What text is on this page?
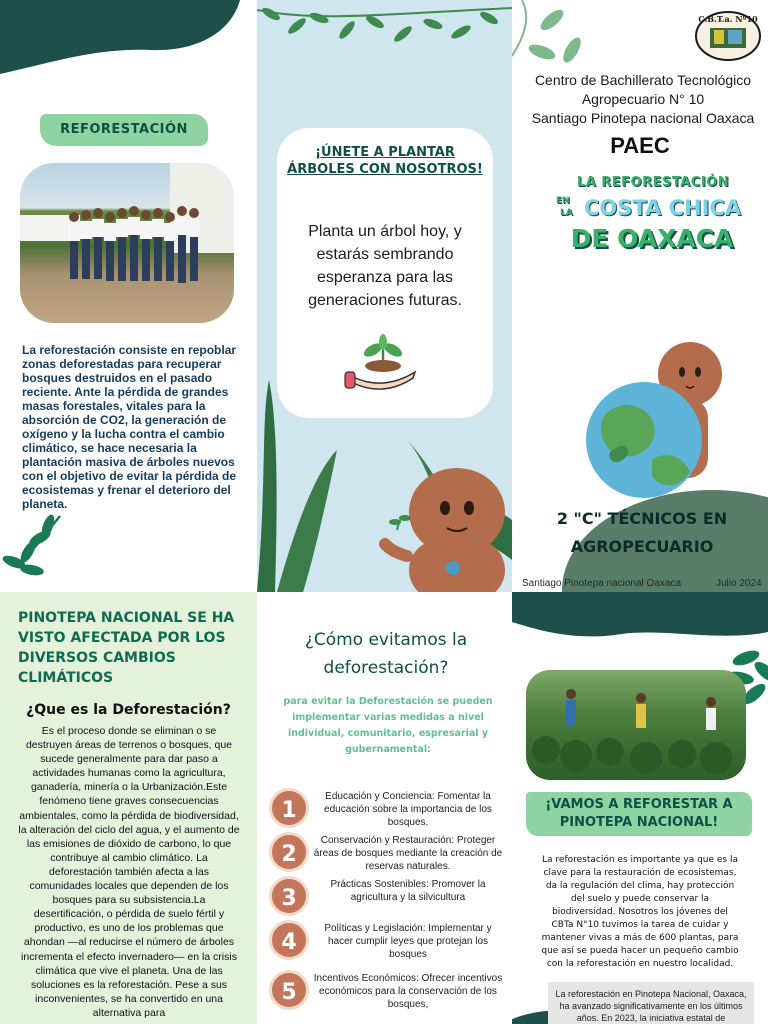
REFORESTACIÓN
La reforestación consiste en repoblar zonas deforestadas para recuperar bosques destruidos en el pasado reciente. Ante la pérdida de grandes masas forestales, vitales para la absorción de CO2, la generación de oxígeno y la lucha contra el cambio climático, se hace necesaria la plantación masiva de árboles nuevos con el objetivo de evitar la pérdida de ecosistemas y frenar el deterioro del planeta.
¡ÚNETE A PLANTAR ÁRBOLES CON NOSOTROS!
Planta un árbol hoy, y estarás sembrando esperanza para las generaciones futuras.
C.B.T.a. Nº10
Centro de Bachillerato Tecnológico
Agropecuario N° 10
Santiago Pinotepa nacional Oaxaca
PAEC
LA REFORESTACIÓN
EN
LA COSTA CHICA
DE OAXACA
2 "C" TÉCNICOS EN AGROPECUARIO
Santiago Pinotepa nacional Oaxaca	Julio 2024
PINOTEPA NACIONAL SE HA VISTO AFECTADA POR LOS DIVERSOS CAMBIOS CLIMÁTICOS
¿Que es la Deforestación?
Es el proceso donde se eliminan o se destruyen áreas de terrenos o bosques, que sucede generalmente para dar paso a actividades humanas como la agricultura, ganadería, minería o la Urbanización.Este fenómeno tiene graves consecuencias ambientales, como la pérdida de biodiversidad, la alteración del ciclo del agua, y el aumento de las emisiones de dióxido de carbono, lo que contribuye al cambio climático. La deforestación también afecta a las comunidades locales que dependen de los bosques para su subsistencia.La desertificación, o pérdida de suelo fértil y productivo, es uno de los problemas que ahondan —al reducirse el número de árboles incrementa el efecto invernadero— en la crisis climática que vive el planeta. Una de las soluciones es la reforestación. Pese a sus inconvenientes, se ha convertido en una alternativa para
¿Cómo evitamos la deforestación?
para evitar la Deforestación se pueden implementar varias medidas a nivel individual, comunitario, espresarial y gubernamental:
1
Educación y Conciencia: Fomentar la educación sobre la importancia de los bosques.
2
Conservación y Restauración: Proteger áreas de bosques mediante la creación de reservas naturales.
3
Prácticas Sostenibles: Promover la agricultura y la silvicultura
4
Políticas y Legislación: Implementar y hacer cumplir leyes que protejan los bosques
5
Incentivos Económicos: Ofrecer incentivos económicos para la conservación de los bosques,
¡VAMOS A REFORESTAR A PINOTEPA NACIONAL!
La reforestación es importante ya que es la clave para la restauración de ecosistemas, da la regulación del clima, hay protección del suelo y puede conservar la biodiversidad. Nosotros los jóvenes del CBTa N°10 tuvimos la tarea de cuidar y mantener vivas a más de 600 plantas, para que así se pueda hacer un pequeño cambio con la reforestación en nuestro localidad.
La reforestación en Pinotepa Nacional, Oaxaca, ha avanzado significativamente en los últimos años. En 2023, la iniciativa estatal de
